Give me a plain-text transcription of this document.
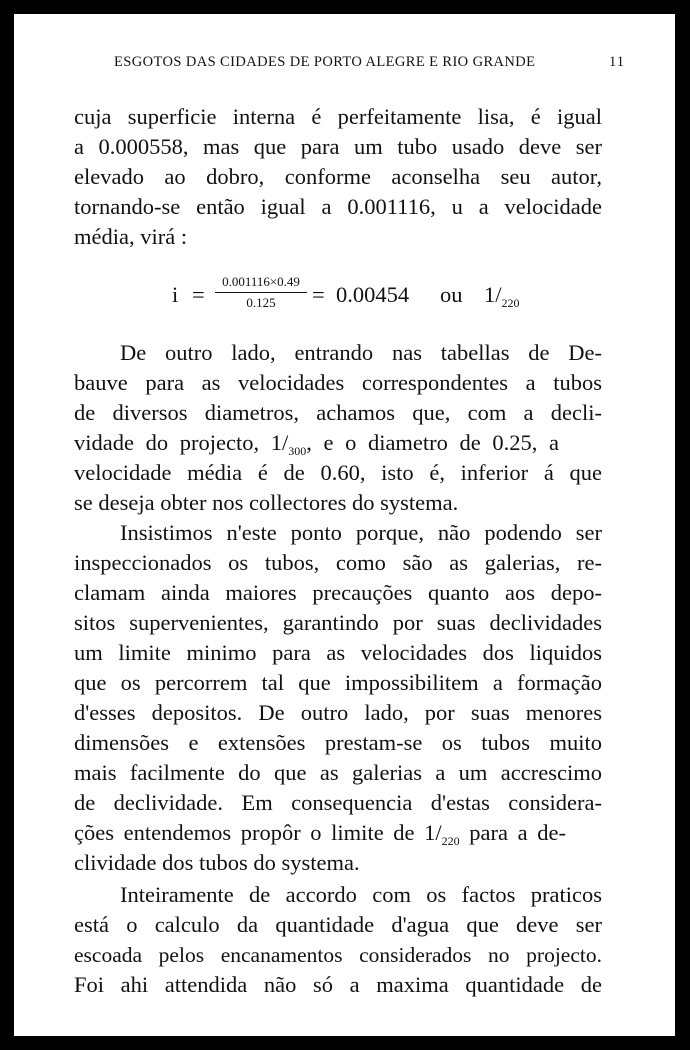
ESGOTOS DAS CIDADES DE PORTO ALEGRE E RIO GRANDE	11
cuja superficie interna é perfeitamente lisa, é igual
a 0.000558, mas que para um tubo usado deve ser
elevado ao dobro, conforme aconselha seu autor,
tornando-se então igual a 0.001116, u a velocidade
média, virá :
$i = \frac{0.001116\times 0.49}{0.125} = 0.00454$ ou $1/_{220}$
De outro lado, entrando nas tabellas de De-
bauve para as velocidades correspondentes a tubos
de diversos diametros, achamos que, com a decli-
vidade do projecto, $1/_{300}$, e o diametro de 0.25, a
velocidade média é de 0.60, isto é, inferior á que
se deseja obter nos collectores do systema.
Insistimos n'este ponto porque, não podendo ser
inspeccionados os tubos, como são as galerias, re-
clamam ainda maiores precauções quanto aos depo-
sitos supervenientes, garantindo por suas declividades
um limite minimo para as velocidades dos liquidos
que os percorrem tal que impossibilitem a formação
d'esses depositos. De outro lado, por suas menores
dimensões e extensões prestam-se os tubos muito
mais facilmente do que as galerias a um accrescimo
de declividade. Em consequencia d'estas considera-
ções entendemos propôr o limite de $1/_{220}$ para a de-
clividade dos tubos do systema.
Inteiramente de accordo com os factos praticos
está o calculo da quantidade d'agua que deve ser
escoada pelos encanamentos considerados no projecto.
Foi ahi attendida não só a maxima quantidade de
